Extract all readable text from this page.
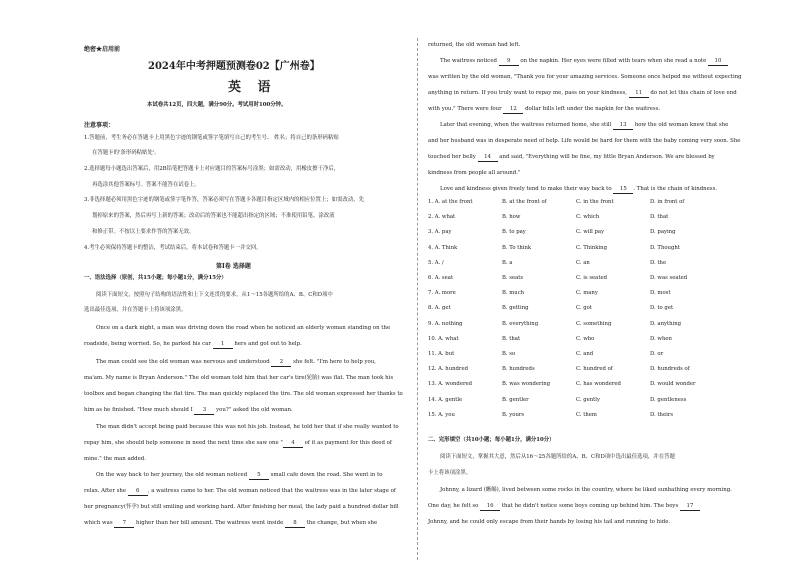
绝密★启用前
2024年中考押题预测卷02【广州卷】
英 语
本试卷共12页，四大题，满分90分。考试用时100分钟。
注意事项：
1.答题前，考生务必在答题卡上用黑色字迹的钢笔或签字笔填写自己的考生号、 姓名；将自己的条形码粘贴
在答题卡的'条形码粘贴处'。
2.选择题每小题选出答案后，用2B铅笔把答题卡上对应题目的答案标号涂黑；如需改动，用橡皮擦干净后，
再选涂其他答案标号。答案不能答在试卷上。
3.非选择题必须用黑色字迹的钢笔或签字笔作答，答案必须写在答题卡各题目指定区域内的相应位置上；如需改动，先
划掉原来的答案，然后再写上新的答案；改动后的答案也不能超出指定的区域；不准使用铅笔、涂改液
和修正带。不按以上要求作答的答案无效。
4.考生必须保持答题卡的整洁，考试结束后，将本试卷和答题卡一并交回。
第I卷 选择题
一、语法选择（原创，共15小题；每小题1分，满分15分）
阅读下面短文，按照句子结构的语法性和上下文连贯的要求，从1～15各题所给的A、B、C和D项中
选出最佳选项，并在答题卡上将该项涂黑。
Once on a dark night, a man was driving down the road when he noticed an elderly woman standing on the
roadside, being worried. So, he parked his car 1 hers and got out to help.
The man could see the old woman was nervous and understood 2 she felt. "I'm here to help you,
ma'am. My name is Bryan Anderson." The old woman told him that her car's tire(轮胎) was flat. The man took his
toolbox and began changing the flat tire. The man quickly replaced the tire. The old woman expressed her thanks to
him as he finished. "How much should I 3 you?" asked the old woman.
The man didn't accept being paid because this was not his job. Instead, he told her that if she really wanted to
repay him, she should help someone in need the next time she saw one " 4 of it as payment for this deed of
mine." the man added.
On the way back to her journey, the old woman noticed 5 small cafe down the road. She went in to
relax. After she 6 , a waitress came to her. The old woman noticed that the waitress was in the later stage of
her pregnancy(怀孕) but still smiling and working hard. After finishing her meal, the lady paid a hundred dollar bill
which was 7 higher than her bill amount. The waitress went inside 8 the change, but when she
returned, the old woman had left.
The waitress noticed 9 on the napkin. Her eyes were filled with tears when she read a note 10
was written by the old woman, "Thank you for your amazing services. Someone once helped me without expecting
anything in return. If you truly want to repay me, pass on your kindness, 11 do not let this chain of love end
with you." There were four 12 dollar bills left under the napkin for the waitress.
Later that evening, when the waitress returned home, she still 13 how the old woman knew that she
and her husband was in desperate need of help. Life would be hard for them with the baby coming very soon. She
touched her belly 14 and said, "Everything will be fine, my little Bryan Anderson. We are blessed by
kindness from people all around."
Love and kindness given freely tend to make their way back to 15 . That is the chain of kindness.
1. A. at the front	B. at the front of	C. in the front	D. in front of
2. A. what	B. how	C. which	D. that
3. A. pay	B. to pay	C. will pay	D. paying
4. A. Think	B. To think	C. Thinking	D. Thought
5. A. /	B. a	C. an	D. the
6. A. seat	B. seats	C. is seated	D. was seated
7. A. more	B. much	C. many	D. most
8. A. get	B. getting	C. got	D. to get
9. A. nothing	B. everything	C. something	D. anything
10. A. what	B. that	C. who	D. when
11. A. but	B. so	C. and	D. or
12. A. hundred	B. hundreds	C. hundred of	D. hundreds of
13. A. wondered	B. was wondering	C. has wondered	D. would wonder
14. A. gentle	B. gentler	C. gently	D. gentleness
15. A. you	B. yours	C. them	D. theirs
二、完形填空（共10小题；每小题1分，满分10分）
阅读下面短文，掌握其大意，然后从16～25各题所给的A、B、C和D项中选出最佳选项，并在答题
卡上将该项涂黑。
Johnny, a lizard (蜥蜴), lived between some rocks in the country, where he liked sunbathing every morning.
One day, he felt so 16 that he didn't notice some boys coming up behind him. The boys 17
Johnny, and he could only escape from their hands by losing his tail and running to hide.
